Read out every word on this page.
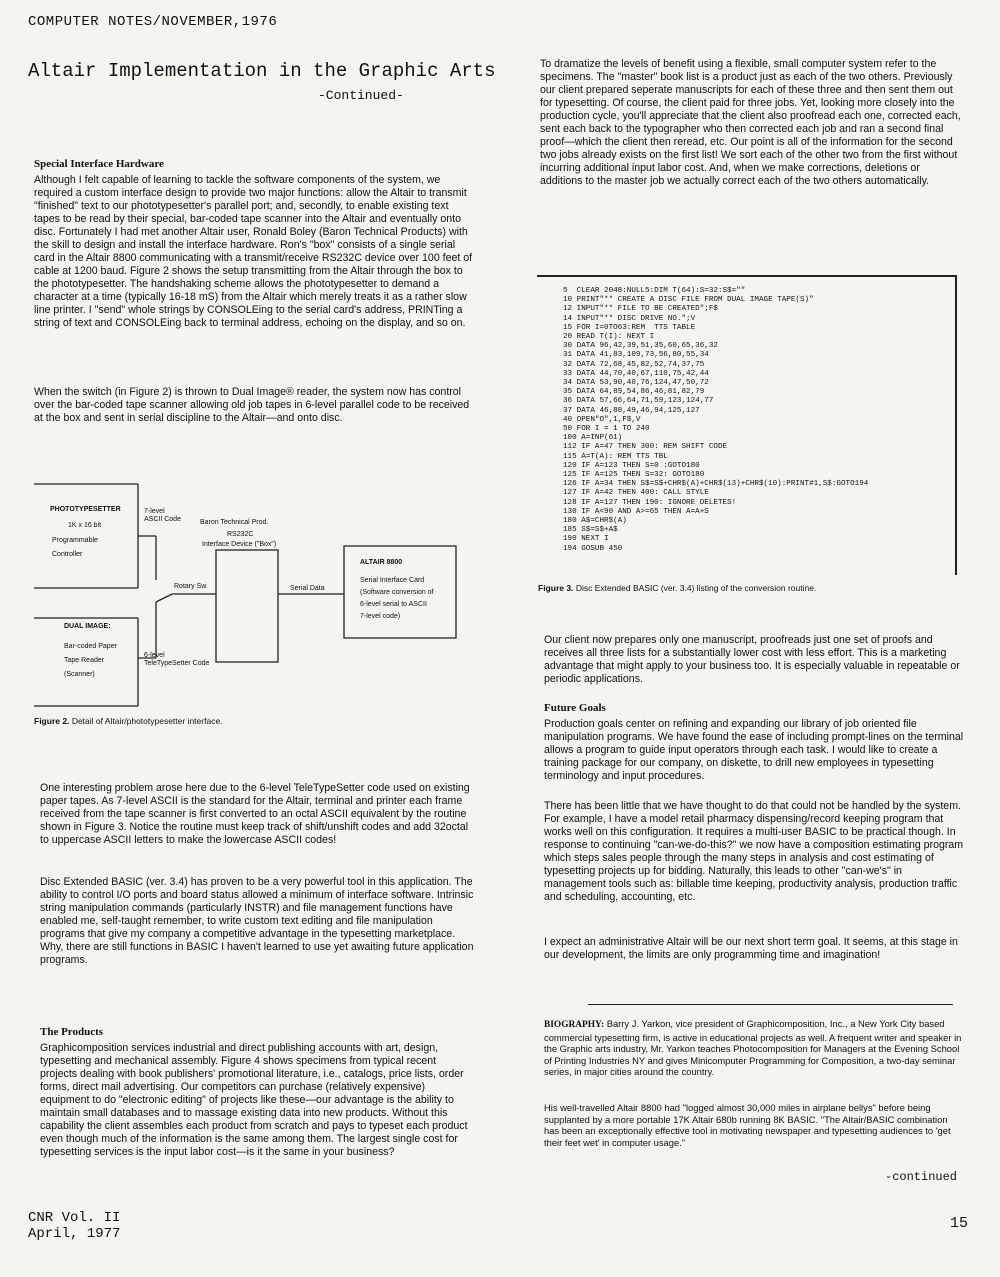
COMPUTER NOTES/NOVEMBER,1976
Altair Implementation in the Graphic Arts
-Continued-
Special Interface Hardware

Although I felt capable of learning to tackle the software components of the system, we required a custom interface design to provide two major functions: allow the Altair to transmit "finished" text to our phototypesetter's parallel port; and, secondly, to enable existing text tapes to be read by their special, bar-coded tape scanner into the Altair and eventually onto disc. Fortunately I had met another Altair user, Ronald Boley (Baron Technical Products) with the skill to design and install the interface hardware. Ron's "box" consists of a single serial card in the Altair 8800 communicating with a transmit/receive RS232C device over 100 feet of cable at 1200 baud. Figure 2 shows the setup transmitting from the Altair through the box to the phototypesetter. The handshaking scheme allows the phototypesetter to demand a character at a time (typically 16-18 mS) from the Altair which merely treats it as a rather slow line printer. I "send" whole strings by CONSOLEing to the serial card's address, PRINTing a string of text and CONSOLEing back to terminal address, echoing on the display, and so on.

When the switch (in Figure 2) is thrown to Dual Image® reader, the system now has control over the bar-coded tape scanner allowing old job tapes in 6-level parallel code to be received at the box and sent in serial discipline to the Altair—and onto disc.

PHOTOTYPESETTER
1K x 16 bit
Programmable
Controller
7-level
ASCII Code	Baron Technical Prod.
RS232C
Interface Device ("Box")
Rotary Sw.	Serial Data
ALTAIR 8800
Serial Interface Card
(Software conversion of
6-level serial to ASCII
7-level code)
DUAL IMAGE:
Bar-coded Paper
Tape Reader
(Scanner)
6-level
TeleTypeSetter Code
Figure 2. Detail of Altair/phototypesetter interface.

One interesting problem arose here due to the 6-level TeleTypeSetter code used on existing paper tapes. As 7-level ASCII is the standard for the Altair, terminal and printer each frame received from the tape scanner is first converted to an octal ASCII equivalent by the routine shown in Figure 3. Notice the routine must keep track of shift/unshift codes and add 32octal to uppercase ASCII letters to make the lowercase ASCII codes!

Disc Extended BASIC (ver. 3.4) has proven to be a very powerful tool in this application. The ability to control I/O ports and board status allowed a minimum of interface software. Intrinsic string manipulation commands (particularly INSTR) and file management functions have enabled me, self-taught remember, to write custom text editing and file manipulation programs that give my company a competitive advantage in the typesetting marketplace. Why, there are still functions in BASIC I haven't learned to use yet awaiting future application programs.

The Products

Graphicomposition services industrial and direct publishing accounts with art, design, typesetting and mechanical assembly. Figure 4 shows specimens from typical recent projects dealing with book publishers' promotional literature, i.e., catalogs, price lists, order forms, direct mail advertising. Our competitors can purchase (relatively expensive) equipment to do "electronic editing" of projects like these—our advantage is the ability to maintain small databases and to massage existing data into new products. Without this capability the client assembles each product from scratch and pays to typeset each product even though much of the information is the same among them. The largest single cost for typesetting services is the input labor cost—is it the same in your business?

To dramatize the levels of benefit using a flexible, small computer system refer to the specimens. The "master" book list is a product just as each of the two others. Previously our client prepared seperate manuscripts for each of these three and then sent them out for typesetting. Of course, the client paid for three jobs. Yet, looking more closely into the production cycle, you'll appreciate that the client also proofread each one, corrected each, sent each back to the typographer who then corrected each job and ran a second final proof—which the client then reread, etc. Our point is all of the information for the second two jobs already exists on the first list! We sort each of the other two from the first without incurring additional input labor cost. And, when we make corrections, deletions or additions to the master job we actually correct each of the two others automatically.

5  CLEAR 2048:NULL5:DIM T(64):S=32:S$=""
10 PRINT"** CREATE A DISC FILE FROM DUAL IMAGE TAPE(S)"
12 INPUT"** FILE TO BE CREATED";F$
14 INPUT"** DISC DRIVE NO.";V
15 FOR I=0TO63:REM  TTS TABLE
20 READ T(I): NEXT I
30 DATA 96,42,39,51,35,60,65,36,32
31 DATA 41,83,109,73,56,80,55,34
32 DATA 72,68,45,82,52,74,37,75
33 DATA 44,70,40,67,110,75,42,44
34 DATA 53,90,40,76,124,47,50,72
35 DATA 64,89,54,86,46,81,82,79
36 DATA 57,66,64,71,59,123,124,77
37 DATA 46,88,49,46,94,125,127
40 OPEN"O",1,F$,V
50 FOR I = 1 TO 240
100 A=INP(61)
112 IF A=47 THEN 300: REM SHIFT CODE
115 A=T(A): REM TTS TBL
120 IF A=123 THEN S=0 :GOTO180
125 IF A=125 THEN S=32: GOTO180
126 IF A=34 THEN S$=S$+CHR$(A)+CHR$(13)+CHR$(10):PRINT#1,S$:GOTO194
127 IF A=42 THEN 400: CALL STYLE
128 IF A=127 THEN 190: IGNORE DELETES!
130 IF A<90 AND A>=65 THEN A=A+S
180 A$=CHR$(A)
185 S$=S$+A$
190 NEXT I
194 GOSUB 450
Figure 3. Disc Extended BASIC (ver. 3.4) listing of the conversion routine.

Our client now prepares only one manuscript, proofreads just one set of proofs and receives all three lists for a substantially lower cost with less effort. This is a marketing advantage that might apply to your business too. It is especially valuable in repeatable or periodic applications.

Future Goals

Production goals center on refining and expanding our library of job oriented file manipulation programs. We have found the ease of including prompt-lines on the terminal allows a program to guide input operators through each task. I would like to create a training package for our company, on diskette, to drill new employees in typesetting terminology and input procedures.

There has been little that we have thought to do that could not be handled by the system. For example, I have a model retail pharmacy dispensing/record keeping program that works well on this configuration. It requires a multi-user BASIC to be practical though. In response to continuing "can-we-do-this?" we now have a composition estimating program which steps sales people through the many steps in analysis and cost estimating of typesetting projects up for bidding. Naturally, this leads to other "can-we's" in management tools such as: billable time keeping, productivity analysis, production traffic and scheduling, accounting, etc.

I expect an administrative Altair will be our next short term goal. It seems, at this stage in our development, the limits are only programming time and imagination!

BIOGRAPHY: Barry J. Yarkon, vice president of Graphicomposition, Inc., a New York City based commercial typesetting firm, is active in educational projects as well. A frequent writer and speaker in the Graphic arts industry, Mr. Yarkon teaches Photocomposition for Managers at the Evening School of Printing Industries NY and gives Minicomputer Programming for Composition, a two-day seminar series, in major cities around the country.

His well-travelled Altair 8800 had "logged almost 30,000 miles in airplane bellys" before being supplanted by a more portable 17K Altair 680b running 8K BASIC. "The Altair/BASIC combination has been an exceptionally effective tool in motivating newspaper and typesetting audiences to 'get their feet wet' in computer usage."

-continued
CNR Vol. II
April, 1977
15
